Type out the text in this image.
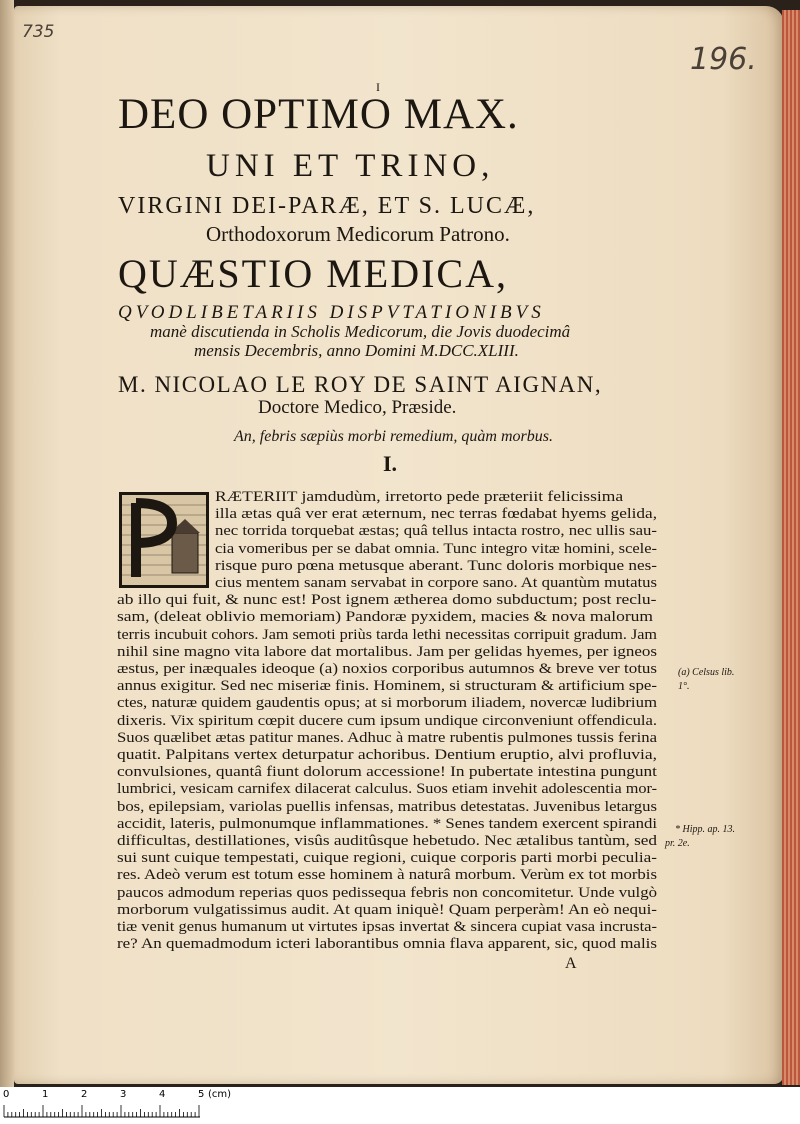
735
196.
I
DEO OPTIMO MAX.
UNI ET TRINO,
VIRGINI DEI-PARÆ, ET S. LUCÆ,
Orthodoxorum Medicorum Patrono.
QUÆSTIO MEDICA,
QVODLIBETARIIS DISPVTATIONIBVS
manè discutienda in Scholis Medicorum, die Jovis duodecimâ
mensis Decembris, anno Domini M.DCC.XLIII.
M. NICOLAO LE ROY DE SAINT AIGNAN,
Doctore Medico, Præside.
An, febris sæpiùs morbi remedium, quàm morbus.
I.
RÆTERIIT jamdudùm, irretorto pede præteriit felicissima
illa ætas quâ ver erat æternum, nec terras fœdabat hyems gelida,
nec torrida torquebat æstas; quâ tellus intacta rostro, nec ullis sau-
cia vomeribus per se dabat omnia. Tunc integro vitæ homini, scele-
risque puro pœna metusque aberant. Tunc doloris morbique nes-
cius mentem sanam servabat in corpore sano. At quantùm mutatus
ab illo qui fuit, & nunc est! Post ignem ætherea domo subductum; post reclu-
sam, (deleat oblivio memoriam) Pandoræ pyxidem, macies & nova malorum
terris incubuit cohors. Jam semoti priùs tarda lethi necessitas corripuit gradum. Jam
nihil sine magno vita labore dat mortalibus. Jam per gelidas hyemes, per igneos
æstus, per inæquales ideoque (a) noxios corporibus autumnos & breve ver totus
annus exigitur. Sed nec miseriæ finis. Hominem, si structuram & artificium spe-
ctes, naturæ quidem gaudentis opus; at si morborum iliadem, novercæ ludibrium
dixeris. Vix spiritum cœpit ducere cum ipsum undique circonveniunt offendicula.
Suos quælibet ætas patitur manes. Adhuc à matre rubentis pulmones tussis ferina
quatit. Palpitans vertex deturpatur achoribus. Dentium eruptio, alvi profluvia,
convulsiones, quantâ fiunt dolorum accessione! In pubertate intestina pungunt
lumbrici, vesicam carnifex dilacerat calculus. Suos etiam invehit adolescentia mor-
bos, epilepsiam, variolas puellis infensas, matribus detestatas. Juvenibus letargus
accidit, lateris, pulmonumque inflammationes. * Senes tandem exercent spirandi
difficultas, destillationes, visûs auditûsque hebetudo. Nec ætalibus tantùm, sed
sui sunt cuique tempestati, cuique regioni, cuique corporis parti morbi peculia-
res. Adeò verum est totum esse hominem à naturâ morbum. Verùm ex tot morbis
paucos admodum reperias quos pedissequa febris non concomitetur. Unde vulgò
morborum vulgatissimus audit. At quam iniquè! Quam perperàm! An eò nequi-
tiæ venit genus humanum ut virtutes ipsas invertat & sincera cupiat vasa incrusta-
re? An quemadmodum icteri laborantibus omnia flava apparent, sic, quod malis
A
(a) Celsus lib.
1°.
* Hipp. ap. 13.
pr. 2e.
0	1	2	3	4	5 (cm)
